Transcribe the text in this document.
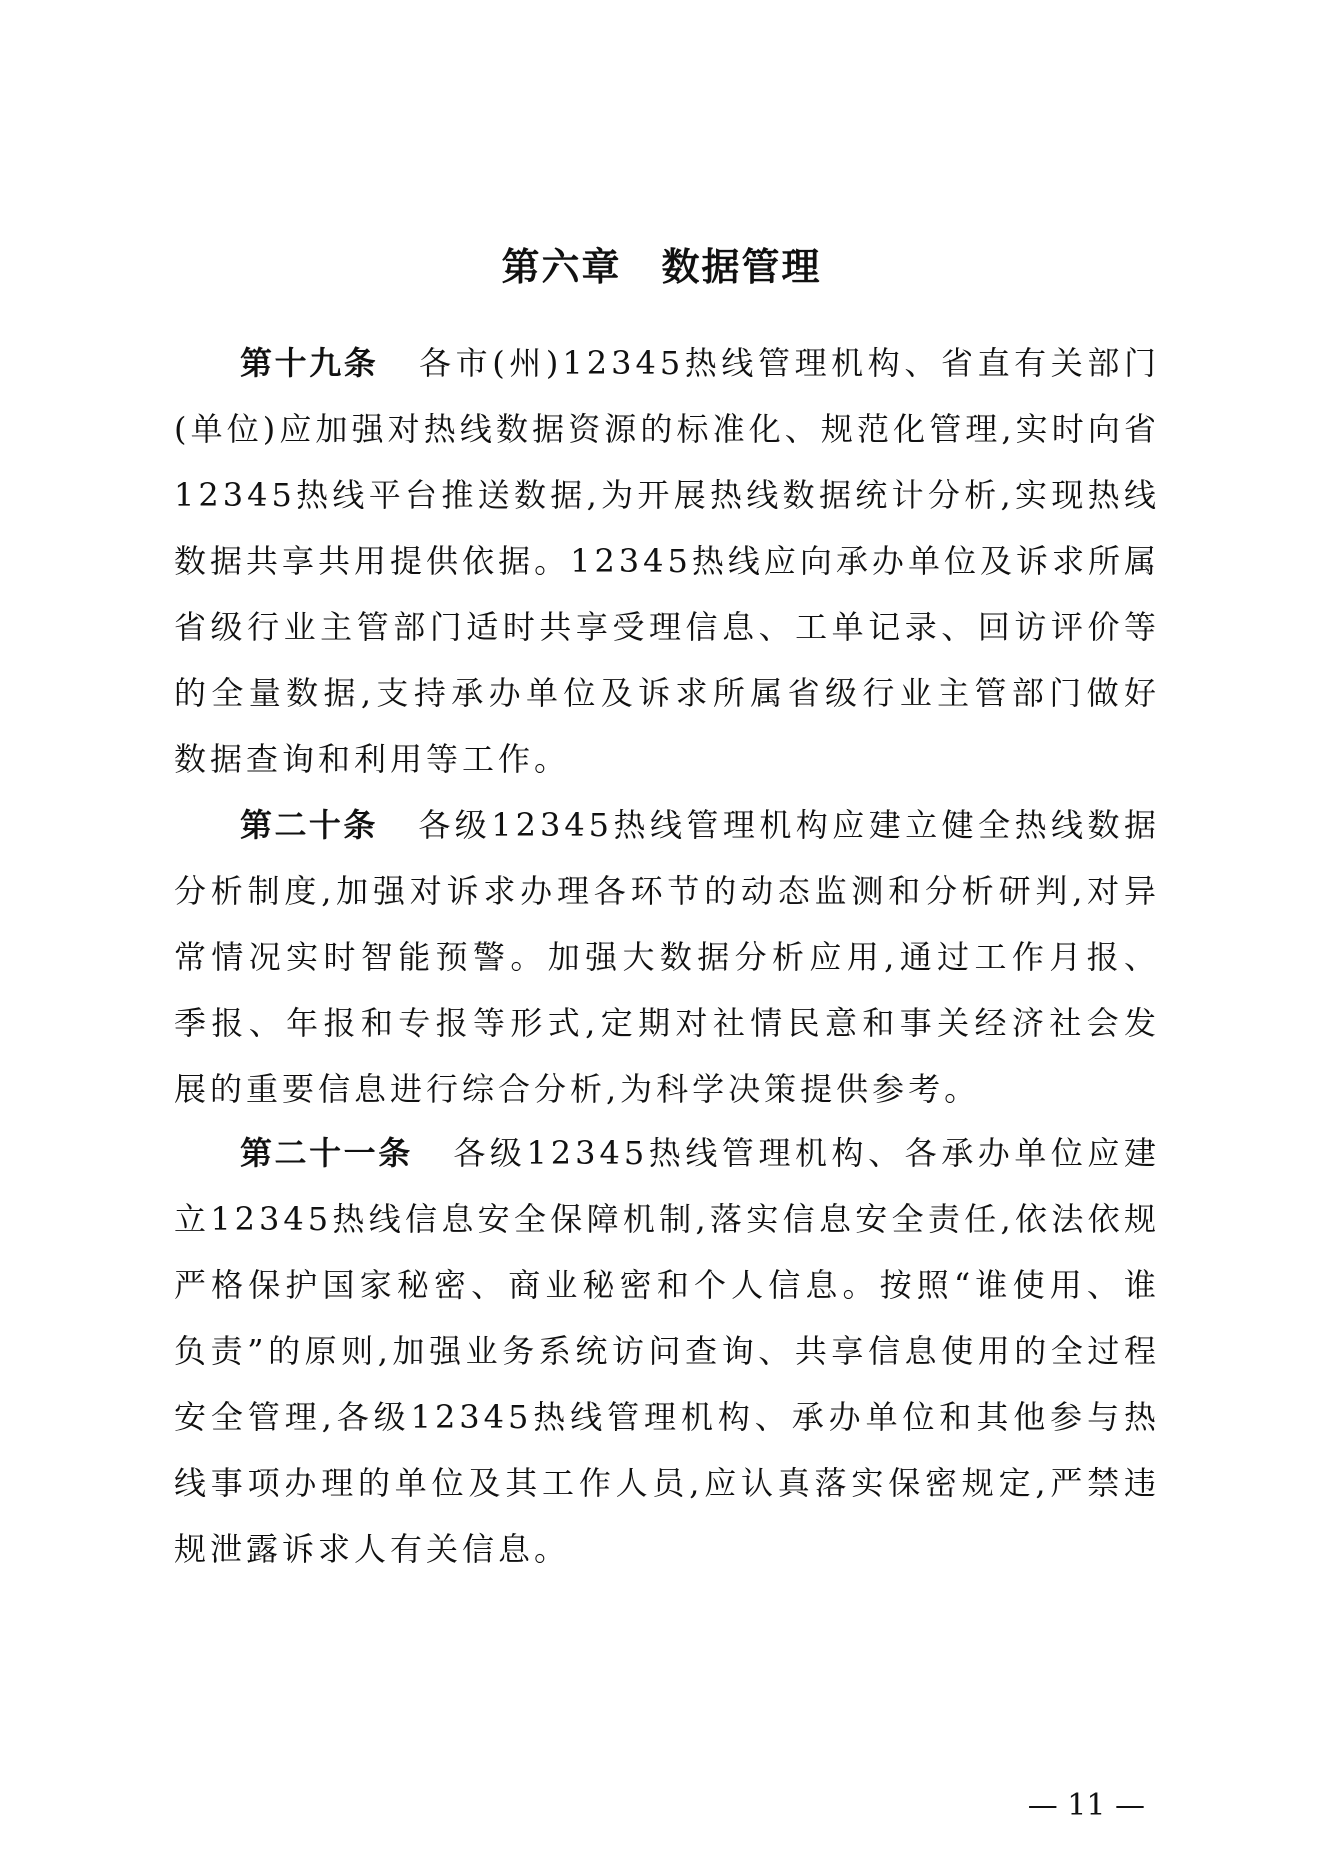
第六章　数据管理

第十九条 各市(州)12345热线管理机构、省直有关部门(单位)应加强对热线数据资源的标准化、规范化管理,实时向省12345热线平台推送数据,为开展热线数据统计分析,实现热线数据共享共用提供依据。12345热线应向承办单位及诉求所属省级行业主管部门适时共享受理信息、工单记录、回访评价等的全量数据,支持承办单位及诉求所属省级行业主管部门做好数据查询和利用等工作。

第二十条 各级12345热线管理机构应建立健全热线数据分析制度,加强对诉求办理各环节的动态监测和分析研判,对异常情况实时智能预警。加强大数据分析应用,通过工作月报、季报、年报和专报等形式,定期对社情民意和事关经济社会发展的重要信息进行综合分析,为科学决策提供参考。

第二十一条 各级12345热线管理机构、各承办单位应建立12345热线信息安全保障机制,落实信息安全责任,依法依规严格保护国家秘密、商业秘密和个人信息。按照“谁使用、谁负责”的原则,加强业务系统访问查询、共享信息使用的全过程安全管理,各级12345热线管理机构、承办单位和其他参与热线事项办理的单位及其工作人员,应认真落实保密规定,严禁违规泄露诉求人有关信息。

— 11 —
